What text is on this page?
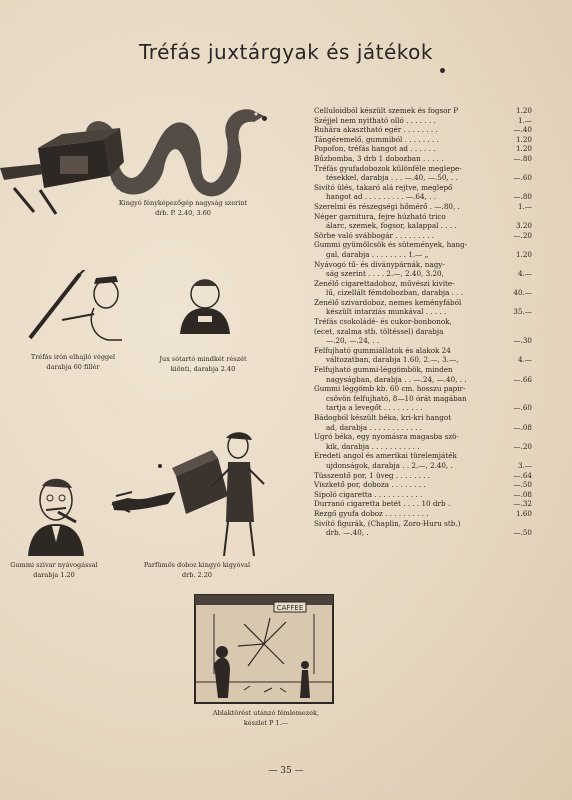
Tréfás juxtárgyak és játékok
Kingyó fényképezőgép nagyság szerint
drb. P. 2.40, 3.60
Tréfás irón elhajló véggel
darabja 60 fillér
Jux sótartó mindkét részét
kiönti, darabja 2.40
Gummi szivar nyávogással
darabja 1.20
Parfümös doboz kingyó kigyóval
drb. 2.20
CAFFEE
Ablaktörést utánzó fémlemezek,
készlet P 1.—
Celluloidból készült szemek és fogsor P	1.20
Széjjel nem nyitható olló . . . . . . .	1.—
Ruhára akasztható egér . . . . . . . .	—.40
Tángéremelő, gummiból . . . . . . . .	1.20
Popofon, tréfás hangot ad . . . . . .	1.20
Bűzbomba, 3 drb 1 dobozban . . . . .	—.80
Tréfás gyufadobozok különféle meglepe-
tésekkel, darabja . . . —.40, —.50, . .	—.60
Sivító ülés, takaró alá rejtve, meglepő
hangot ad . . . . . . . . . —.64, . .	—.80
Szerelmi és részegségi hőmérő . —.80, .	1.—
Néger garnitura, fejre húzható trico
álarc, szemek, fogsor, kalappal . . . .	3.20
Sörbe való svábbogár . . . . . . . . .	—.20
Gummi gyümölcsök és sütemények, hang-
gal, darabja . . . . . . . . 1.— „	1.20
Nyávogó tű- és diványpárnák, nagy-
ság szerint . . . . 2.—, 2.40, 3.20,	4.—
Zenélő cigarettadoboz, művészi kivite-
lű, cizellált fémdobozban, darabja . . .	40.—
Zenélő szivardoboz, nemes keményfából
készült intarziás munkával . . . . .	35.—
Tréfás csokoládé- és cukor-bonbonok,
(ecet, szalma stb. töltéssel) darabja
—.20, —.24, . .	—.30
Felfujható gummiállatok és alakok 24
változatban, darabja 1.60, 2.—, 3.—,	4.—
Felfujható gummi-léggömbök, minden
nagyságban, darabja . . —.24, —.40, . .	—.66
Gummi léggömb kb. 60 cm. hosszu papir-
csövön felfujható, 8—10 órát magában
tartja a levegőt . . . . . . . . .	—.60
Bádogból készült béka, kri-kri hangot
ad, darabja . . . . . . . . . . . .	—.08
Ugró béka, egy nyomásra magasba szö-
kik, darabja . . . . . . . . . . .	—.20
Eredeti angol és amerikai türelemjáték
ujdonságok, darabja . . 2.—, 2.40, .	3.—
Tüsszentő por, 1 üveg . . . . . . . .	—.64
Viszkető por, doboza . . . . . . . .	—.50
Sipoló cigaretta . . . . . . . . . . .	—.08
Durranó cigaretta betét . . . . 10 drb .	—.32
Rezgő gyufa doboz . . . . . . . . . .	1.60
Sivító figurák, (Chaplin, Zoro-Huru stb.)
drb. —.40, .	—.50
— 35 —
